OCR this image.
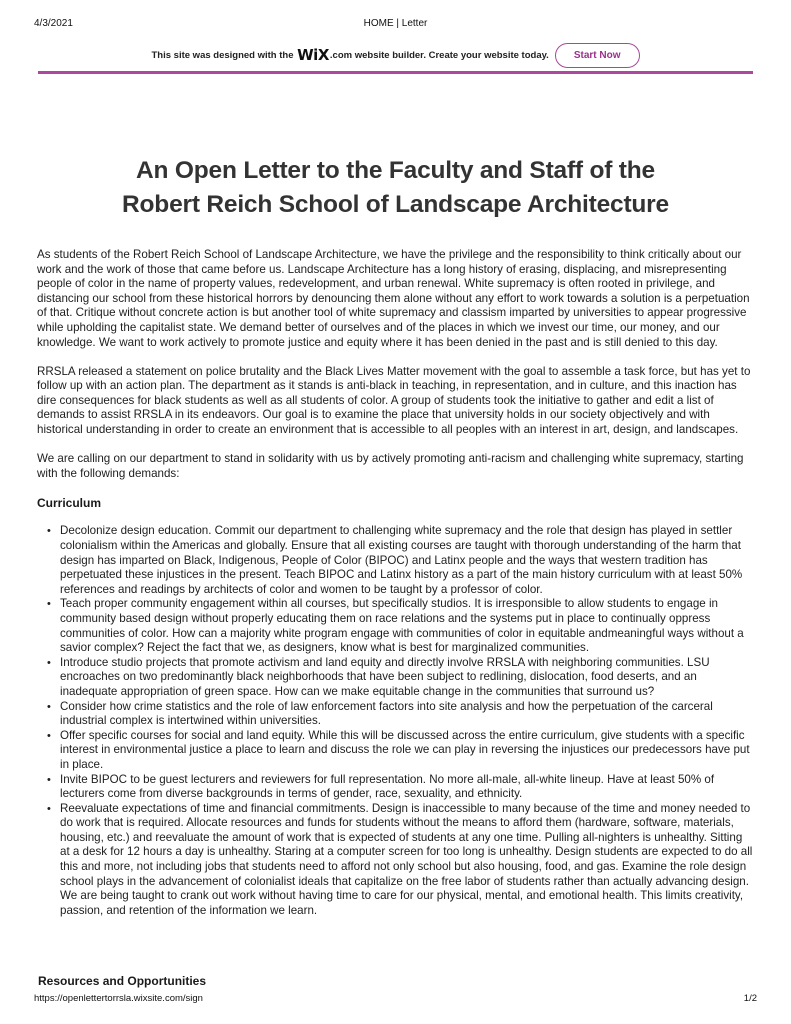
4/3/2021	HOME | Letter
This site was designed with the
WiX .com website builder. Create your website today.	Start Now
An Open Letter to the Faculty and Staff of the
Robert Reich School of Landscape Architecture

As students of the Robert Reich School of Landscape Architecture, we have the privilege and the responsibility to think critically about our work and the work of those that came before us. Landscape Architecture has a long history of erasing, displacing, and misrepresenting people of color in the name of property values, redevelopment, and urban renewal. White supremacy is often rooted in privilege, and distancing our school from these historical horrors by denouncing them alone without any effort to work towards a solution is a perpetuation of that. Critique without concrete action is but another tool of white supremacy and classism imparted by universities to appear progressive while upholding the capitalist state. We demand better of ourselves and of the places in which we invest our time, our money, and our knowledge. We want to work actively to promote justice and equity where it has been denied in the past and is still denied to this day.

RRSLA released a statement on police brutality and the Black Lives Matter movement with the goal to assemble a task force, but has yet to follow up with an action plan. The department as it stands is anti-black in teaching, in representation, and in culture, and this inaction has dire consequences for black students as well as all students of color. A group of students took the initiative to gather and edit a list of demands to assist RRSLA in its endeavors. Our goal is to examine the place that university holds in our society objectively and with historical understanding in order to create an environment that is accessible to all peoples with an interest in art, design, and landscapes.

We are calling on our department to stand in solidarity with us by actively promoting anti-racism and challenging white supremacy, starting with the following demands:

Curriculum
• Decolonize design education. Commit our department to challenging white supremacy and the role that design has played in settler colonialism within the Americas and globally. Ensure that all existing courses are taught with thorough understanding of the harm that design has imparted on Black, Indigenous, People of Color (BIPOC) and Latinx people and the ways that western tradition has perpetuated these injustices in the present. Teach BIPOC and Latinx history as a part of the main history curriculum with at least 50% references and readings by architects of color and women to be taught by a professor of color.
• Teach proper community engagement within all courses, but specifically studios. It is irresponsible to allow students to engage in community based design without properly educating them on race relations and the systems put in place to continually oppress communities of color. How can a majority white program engage with communities of color in equitable andmeaningful ways without a savior complex? Reject the fact that we, as designers, know what is best for marginalized communities.
• Introduce studio projects that promote activism and land equity and directly involve RRSLA with neighboring communities. LSU encroaches on two predominantly black neighborhoods that have been subject to redlining, dislocation, food deserts, and an inadequate appropriation of green space. How can we make equitable change in the communities that surround us?
• Consider how crime statistics and the role of law enforcement factors into site analysis and how the perpetuation of the carceral industrial complex is intertwined within universities.
• Offer specific courses for social and land equity. While this will be discussed across the entire curriculum, give students with a specific interest in environmental justice a place to learn and discuss the role we can play in reversing the injustices our predecessors have put in place.
• Invite BIPOC to be guest lecturers and reviewers for full representation. No more all-male, all-white lineup. Have at least 50% of lecturers come from diverse backgrounds in terms of gender, race, sexuality, and ethnicity.
• Reevaluate expectations of time and financial commitments. Design is inaccessible to many because of the time and money needed to do work that is required. Allocate resources and funds for students without the means to afford them (hardware, software, materials, housing, etc.) and reevaluate the amount of work that is expected of students at any one time. Pulling all-nighters is unhealthy. Sitting at a desk for 12 hours a day is unhealthy. Staring at a computer screen for too long is unhealthy. Design students are expected to do all this and more, not including jobs that students need to afford not only school but also housing, food, and gas. Examine the role design school plays in the advancement of colonialist ideals that capitalize on the free labor of students rather than actually advancing design. We are being taught to crank out work without having time to care for our physical, mental, and emotional health. This limits creativity, passion, and retention of the information we learn.
Resources and Opportunities
https://openlettertorrsla.wixsite.com/sign	1/2
